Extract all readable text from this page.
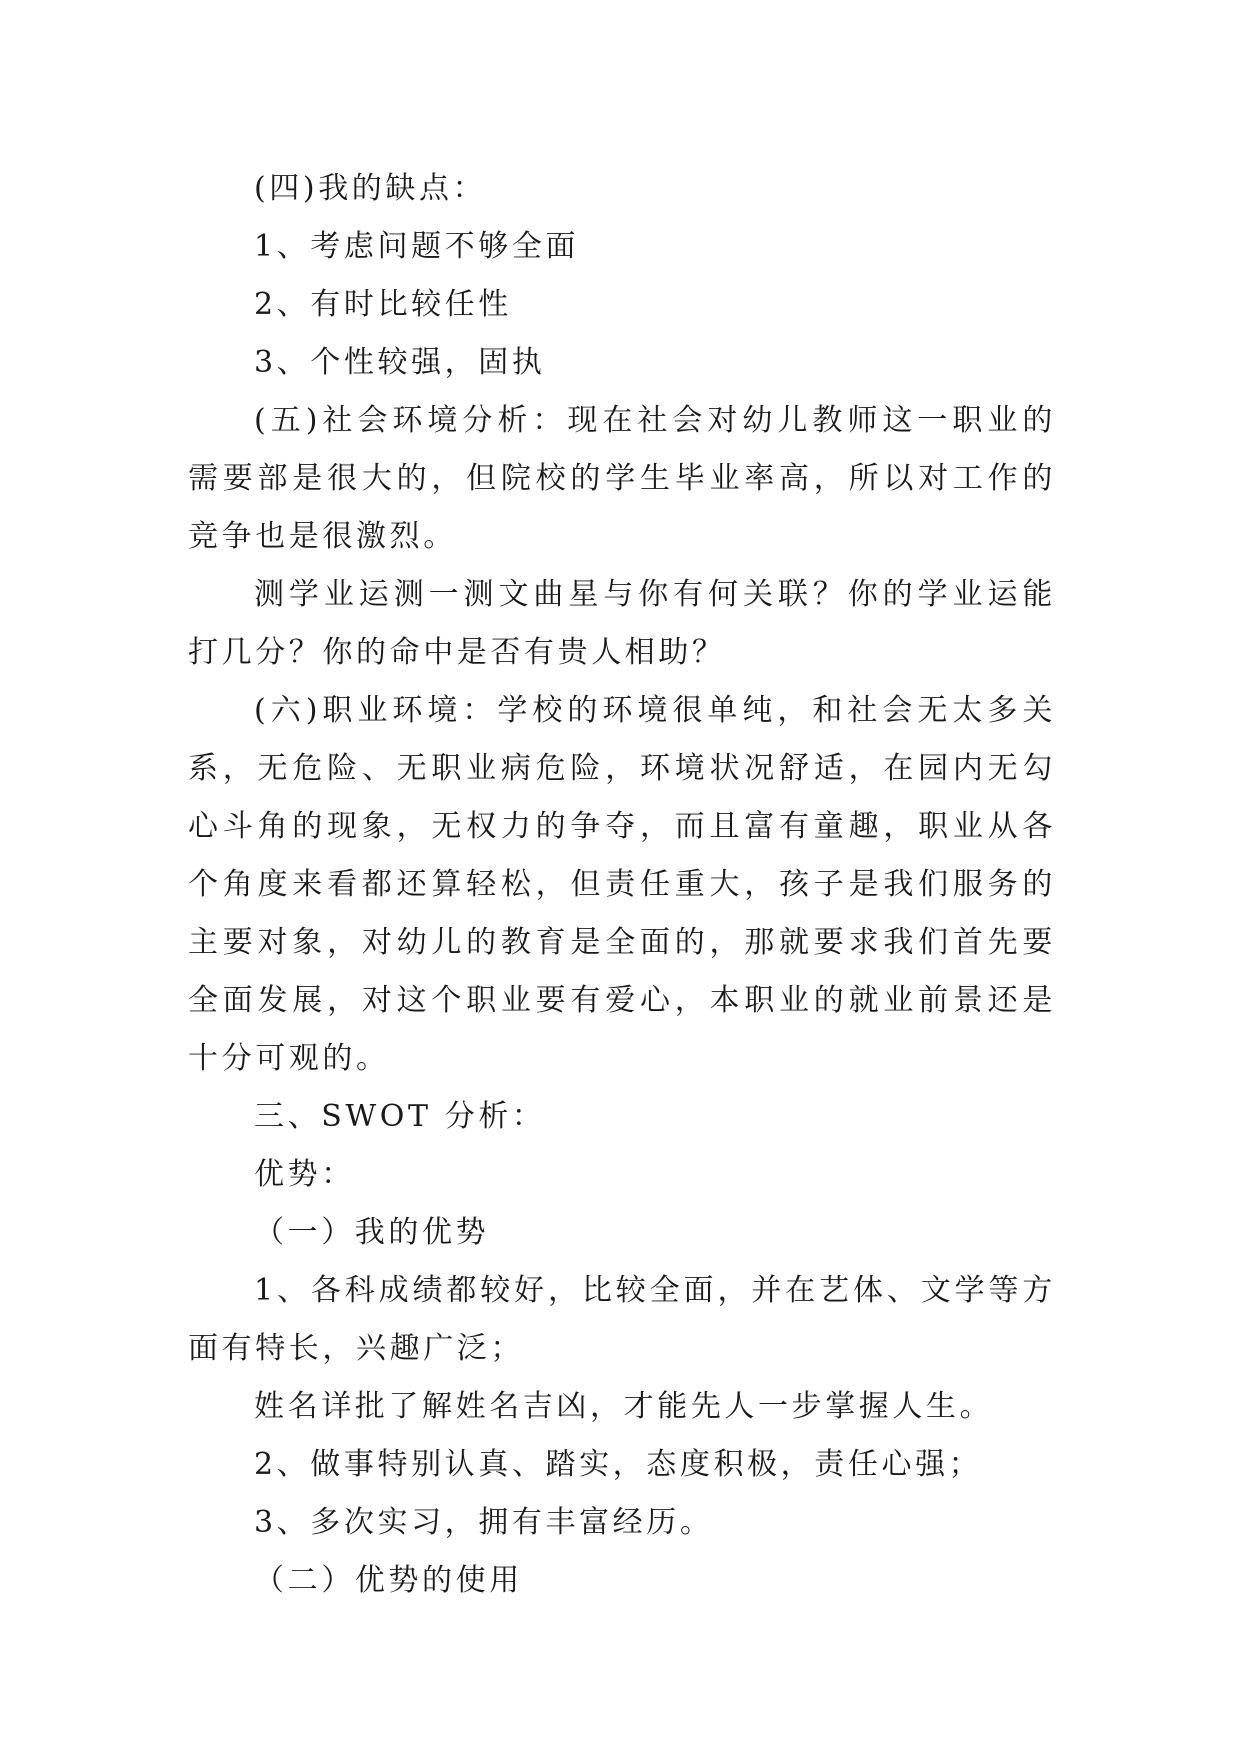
(四)我的缺点：

1、考虑问题不够全面

2、有时比较任性

3、个性较强，固执

(五)社会环境分析：现在社会对幼儿教师这一职业的需要部是很大的，但院校的学生毕业率高，所以对工作的竞争也是很激烈。

测学业运测一测文曲星与你有何关联？你的学业运能打几分？你的命中是否有贵人相助？

(六)职业环境：学校的环境很单纯，和社会无太多关系，无危险、无职业病危险，环境状况舒适，在园内无勾心斗角的现象，无权力的争夺，而且富有童趣，职业从各个角度来看都还算轻松，但责任重大，孩子是我们服务的主要对象，对幼儿的教育是全面的，那就要求我们首先要全面发展，对这个职业要有爱心，本职业的就业前景还是十分可观的。

三、SWOT 分析：

优势：

（一）我的优势

1、各科成绩都较好，比较全面，并在艺体、文学等方面有特长，兴趣广泛；

姓名详批了解姓名吉凶，才能先人一步掌握人生。

2、做事特别认真、踏实，态度积极，责任心强；

3、多次实习，拥有丰富经历。

（二）优势的使用
